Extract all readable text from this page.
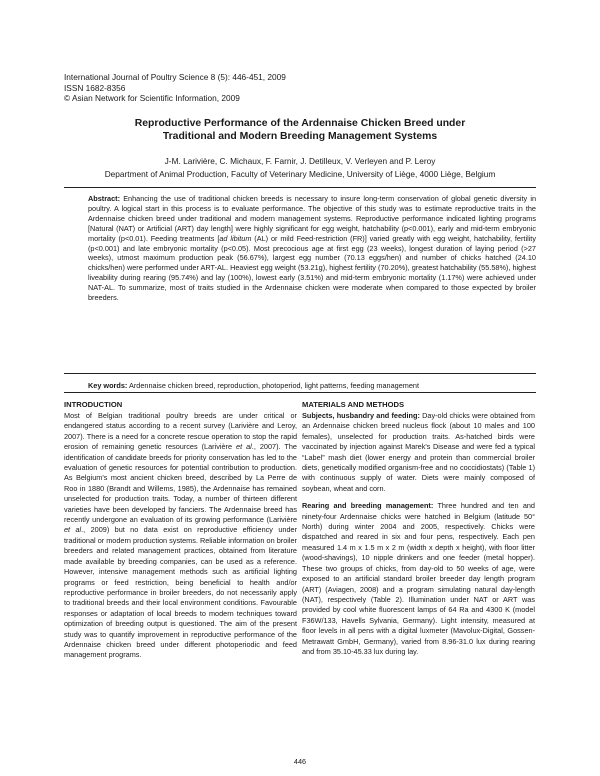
International Journal of Poultry Science 8 (5): 446-451, 2009
ISSN 1682-8356
© Asian Network for Scientific Information, 2009
Reproductive Performance of the Ardennaise Chicken Breed under
Traditional and Modern Breeding Management Systems
J-M. Larivière, C. Michaux, F. Farnir, J. Detilleux, V. Verleyen and P. Leroy
Department of Animal Production, Faculty of Veterinary Medicine, University of Liège, 4000 Liège, Belgium

Abstract: Enhancing the use of traditional chicken breeds is necessary to insure long-term conservation of global genetic diversity in poultry. A logical start in this process is to evaluate performance. The objective of this study was to estimate reproductive traits in the Ardennaise chicken breed under traditional and modern management systems. Reproductive performance indicated lighting programs [Natural (NAT) or Artificial (ART) day length] were highly significant for egg weight, hatchability (p<0.001), early and mid-term embryonic mortality (p<0.01). Feeding treatments [ad libitum (AL) or mild Feed-restriction (FR)] varied greatly with egg weight, hatchability, fertility (p<0.001) and late embryonic mortality (p<0.05). Most precocious age at first egg (23 weeks), longest duration of laying period (>27 weeks), utmost maximum production peak (56.67%), largest egg number (70.13 eggs/hen) and number of chicks hatched (24.10 chicks/hen) were performed under ART-AL. Heaviest egg weight (53.21g), highest fertility (70.20%), greatest hatchability (55.58%), highest liveability during rearing (95.74%) and lay (100%), lowest early (3.51%) and mid-term embryonic mortality (1.17%) were achieved under NAT-AL. To summarize, most of traits studied in the Ardennaise chicken were moderate when compared to those expected by broiler breeders.

Key words: Ardennaise chicken breed, reproduction, photoperiod, light patterns, feeding management
INTRODUCTION

Most of Belgian traditional poultry breeds are under critical or endangered status according to a recent survey (Larivière and Leroy, 2007). There is a need for a concrete rescue operation to stop the rapid erosion of remaining genetic resources (Larivière et al., 2007). The identification of candidate breeds for priority conservation has led to the evaluation of genetic resources for potential contribution to production. As Belgium's most ancient chicken breed, described by La Perre de Roo in 1880 (Brandt and Willems, 1985), the Ardennaise has remained unselected for production traits. Today, a number of thirteen different varieties have been developed by fanciers. The Ardennaise breed has recently undergone an evaluation of its growing performance (Larivière et al., 2009) but no data exist on reproductive efficiency under traditional or modern production systems. Reliable information on broiler breeders and related management practices, obtained from literature made available by breeding companies, can be used as a reference. However, intensive management methods such as artificial lighting programs or feed restriction, being beneficial to health and/or reproductive performance in broiler breeders, do not necessarily apply to traditional breeds and their local environment conditions. Favourable responses or adaptation of local breeds to modern techniques toward optimization of breeding output is questioned. The aim of the present study was to quantify improvement in reproductive performance of the Ardennaise chicken breed under different photoperiodic and feed management programs.

MATERIALS AND METHODS

Subjects, husbandry and feeding: Day-old chicks were obtained from an Ardennaise chicken breed nucleus flock (about 10 males and 100 females), unselected for production traits. As-hatched birds were vaccinated by injection against Marek's Disease and were fed a typical “Label” mash diet (lower energy and protein than commercial broiler diets, genetically modified organism-free and no coccidiostats) (Table 1) with continuous supply of water. Diets were mainly composed of soybean, wheat and corn.

Rearing and breeding management: Three hundred and ten and ninety-four Ardennaise chicks were hatched in Belgium (latitude 50° North) during winter 2004 and 2005, respectively. Chicks were dispatched and reared in six and four pens, respectively. Each pen measured 1.4 m x 1.5 m x 2 m (width x depth x height), with floor litter (wood-shavings), 10 nipple drinkers and one feeder (metal hopper). These two groups of chicks, from day-old to 50 weeks of age, were exposed to an artificial standard broiler breeder day length program (ART) (Aviagen, 2008) and a program simulating natural day-length (NAT), respectively (Table 2). Illumination under NAT or ART was provided by cool white fluorescent lamps of 64 Ra and 4300 K (model F36W/133, Havells Sylvania, Germany). Light intensity, measured at floor levels in all pens with a digital luxmeter (Mavolux-Digital, Gossen-Metrawatt GmbH, Germany), varied from 8.96-31.0 lux during rearing and from 35.10-45.33 lux during lay.

446
